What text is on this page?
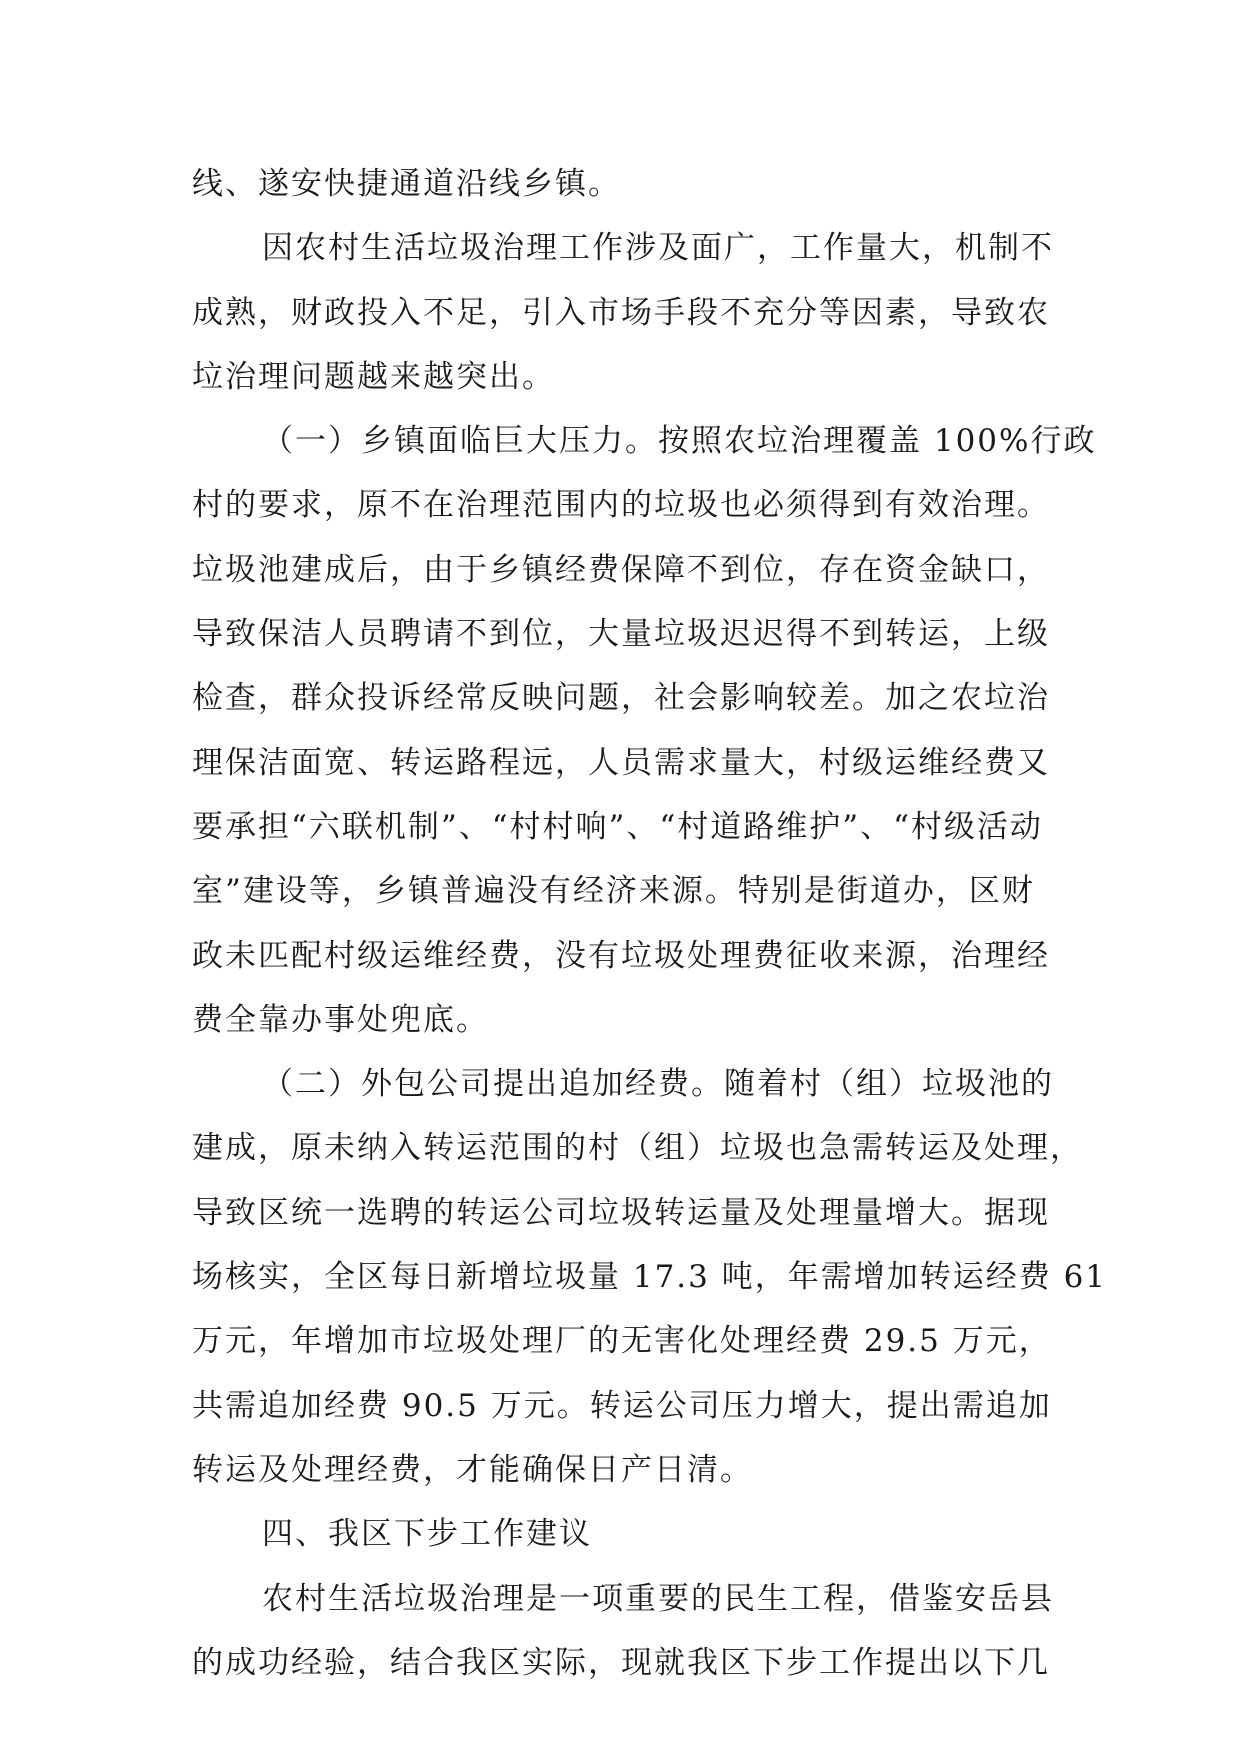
线、遂安快捷通道沿线乡镇。
因农村生活垃圾治理工作涉及面广，工作量大，机制不
成熟，财政投入不足，引入市场手段不充分等因素，导致农
垃治理问题越来越突出。
（一）乡镇面临巨大压力。按照农垃治理覆盖 100%行政
村的要求，原不在治理范围内的垃圾也必须得到有效治理。
垃圾池建成后，由于乡镇经费保障不到位，存在资金缺口，
导致保洁人员聘请不到位，大量垃圾迟迟得不到转运，上级
检查，群众投诉经常反映问题，社会影响较差。加之农垃治
理保洁面宽、转运路程远，人员需求量大，村级运维经费又
要承担“六联机制”、“村村响”、“村道路维护”、“村级活动
室”建设等，乡镇普遍没有经济来源。特别是街道办，区财
政未匹配村级运维经费，没有垃圾处理费征收来源，治理经
费全靠办事处兜底。
（二）外包公司提出追加经费。随着村（组）垃圾池的
建成，原未纳入转运范围的村（组）垃圾也急需转运及处理，
导致区统一选聘的转运公司垃圾转运量及处理量增大。据现
场核实，全区每日新增垃圾量 17.3 吨，年需增加转运经费 61
万元，年增加市垃圾处理厂的无害化处理经费 29.5 万元，
共需追加经费 90.5 万元。转运公司压力增大，提出需追加
转运及处理经费，才能确保日产日清。
四、我区下步工作建议
农村生活垃圾治理是一项重要的民生工程，借鉴安岳县
的成功经验，结合我区实际，现就我区下步工作提出以下几
